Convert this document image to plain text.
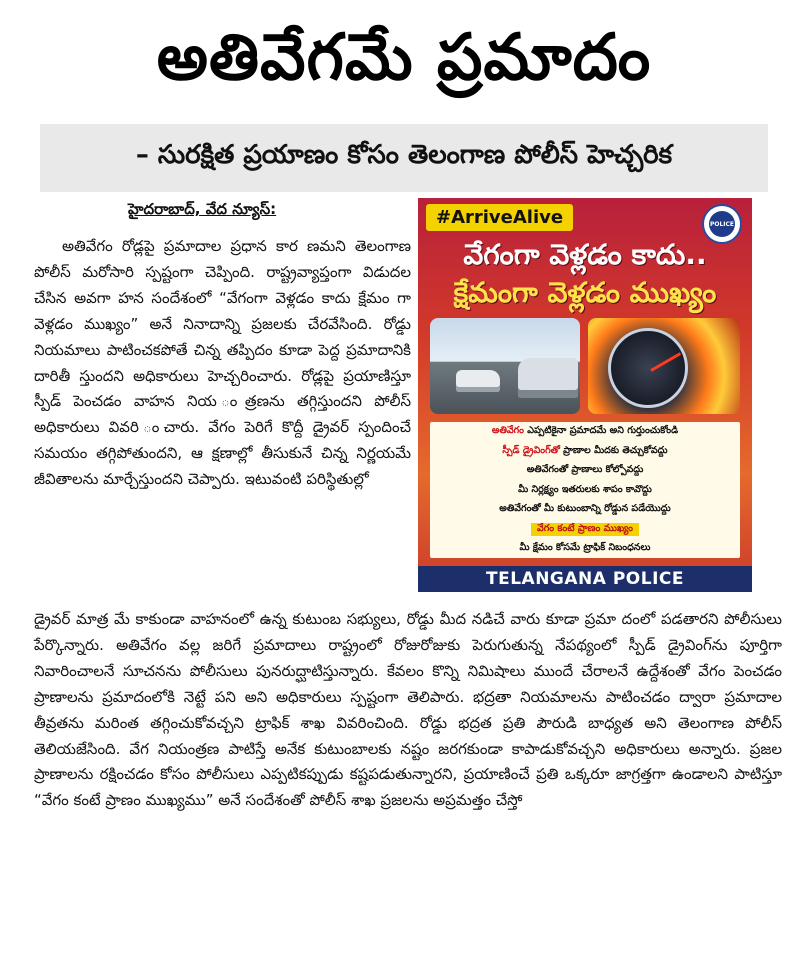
అతివేగమే ప్రమాదం
– సురక్షిత ప్రయాణం కోసం తెలంగాణ పోలీస్ హెచ్చరిక
హైదరాబాద్, వేద న్యూస్:
అతివేగం రోడ్లపై ప్రమాదాల ప్రధాన కార ణమని తెలంగాణ పోలీస్ మరోసారి స్పష్టంగా చెప్పింది. రాష్ట్రవ్యాప్తంగా విడుదల చేసిన అవగా హన సందేశంలో “వేగంగా వెళ్లడం కాదు క్షేమం గా వెళ్లడం ముఖ్యం” అనే నినాదాన్ని ప్రజలకు చేరవేసింది. రోడ్డు నియమాలు పాటించకపోతే చిన్న తప్పిదం కూడా పెద్ద ప్రమాదానికి దారితీ స్తుందని అధికారులు హెచ్చరించారు. రోడ్లపై ప్రయాణిస్తూ స్పీడ్ పెంచడం వాహన నియ ంత్రణను తగ్గిస్తుందని పోలీస్ అధికారులు వివరి ంచారు. వేగం పెరిగే కొద్దీ డ్రైవర్ స్పందించే సమయం తగ్గిపోతుందని, ఆ క్షణాల్లో తీసుకునే చిన్న నిర్ణయమే జీవితాలను మార్చేస్తుందని చెప్పారు. ఇటువంటి పరిస్థితుల్లో
#ArriveAlive	POLICE
వేగంగా వెళ్లడం కాదు..
క్షేమంగా వెళ్లడం ముఖ్యం
అతివేగం ఎప్పటికైనా ప్రమాదమే అని గుర్తుంచుకోండి
స్పీడ్ డ్రైవింగ్‌తో ప్రాణాల మీదకు తెచ్చుకోవద్దు
అతివేగంతో ప్రాణాలు కోల్పోవద్దు
మీ నిర్లక్ష్యం ఇతరులకు శాపం కావొద్దు
అతివేగంతో మీ కుటుంబాన్ని రోడ్డున పడేయొద్దు
వేగం కంటే ప్రాణం ముఖ్యం
మీ క్షేమం కోసమే ట్రాఫిక్ నిబంధనలు
TELANGANA POLICE
డ్రైవర్ మాత్ర మే కాకుండా వాహనంలో ఉన్న కుటుంబ సభ్యులు, రోడ్డు మీద నడిచే వారు కూడా ప్రమా దంలో పడతారని పోలీసులు పేర్కొన్నారు. అతివేగం వల్ల జరిగే ప్రమాదాలు రాష్ట్రంలో రోజురోజుకు పెరుగుతున్న నేపథ్యంలో స్పీడ్ డ్రైవింగ్‌ను పూర్తిగా నివారించాలనే సూచనను పోలీసులు పునరుద్ఘాటిస్తున్నారు. కేవలం కొన్ని నిమిషాలు ముందే చేరాలనే ఉద్దేశంతో వేగం పెంచడం ప్రాణాలను ప్రమాదంలోకి నెట్టే పని అని అధికారులు స్పష్టంగా తెలిపారు. భద్రతా నియమాలను పాటించడం ద్వారా ప్రమాదాల తీవ్రతను మరింత తగ్గించుకోవచ్చని ట్రాఫిక్ శాఖ వివరించింది. రోడ్డు భద్రత ప్రతి పౌరుడి బాధ్యత అని తెలంగాణ పోలీస్ తెలియజేసింది. వేగ నియంత్రణ పాటిస్తే అనేక కుటుంబాలకు నష్టం జరగకుండా కాపాడుకోవచ్చని అధికారులు అన్నారు. ప్రజల ప్రాణాలను రక్షించడం కోసం పోలీసులు ఎప్పటికప్పుడు కష్టపడుతున్నారని, ప్రయాణించే ప్రతి ఒక్కరూ జాగ్రత్తగా ఉండాలని పాటిస్తూ “వేగం కంటే ప్రాణం ముఖ్యము” అనే సందేశంతో పోలీస్ శాఖ ప్రజలను అప్రమత్తం చేస్తో
